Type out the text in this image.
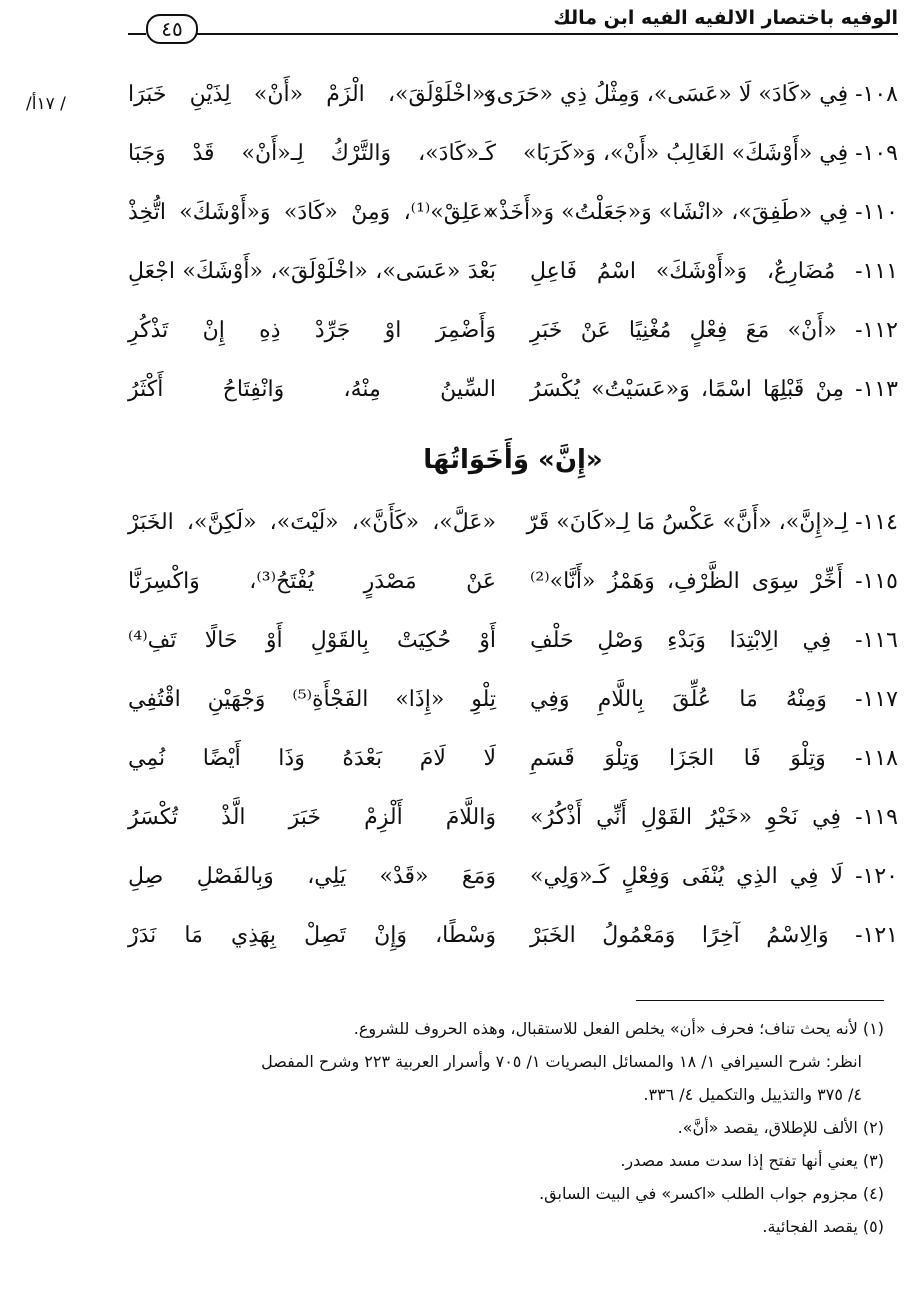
الوفيه باختصار الالفيه الفيه ابن مالك
٤٥
/ ١٧أ/	١٠٨- فِي «كَادَ» لَا «عَسَى»، وَمِثْلُ ذِي «حَرَى»
وَ«اخْلَوْلَقَ»، الْزَمْ «أَنْ» لِذَيْنِ خَبَرَا
١٠٩- فِي «أَوْشَكَ» الغَالِبُ «أَنْ»، وَ«كَرَبَا»
كَـ«كَادَ»، وَالتَّرْكُ لِـ«أَنْ» قَدْ وَجَبَا
١١٠- فِي «طَفِقَ»، «انْشَا» وَ«جَعَلْتُ» وَ«أَخَذْ»
«عَلِقْ»⁽¹⁾، وَمِنْ «كَادَ» وَ«أَوْشَكَ» اتُّخِذْ
١١١- مُضَارِعٌ، وَ«أَوْشَكَ» اسْمُ فَاعِلِ
بَعْدَ «عَسَى»، «اخْلَوْلَقَ»، «أَوْشَكَ» اجْعَلِ
١١٢- «أَنْ» مَعَ فِعْلٍ مُغْنِيًا عَنْ خَبَرِ
وَأَضْمِرَ اوْ جَرِّدْ ذِهِ إِنْ تَذْكُرِ
١١٣- مِنْ قَبْلِهَا اسْمًا، وَ«عَسَيْتُ» يُكْسَرُ
السِّينُ مِنْهُ، وَانْفِتَاحُ أَكْثَرُ
«إِنَّ» وَأَخَوَاتُهَا
١١٤- لِـ«إِنَّ»، «أَنَّ» عَكْسُ مَا لِـ«كَانَ» قَرّ
«عَلَّ»، «كَأَنَّ»، «لَيْتَ»، «لَكِنَّ»، الخَبَرْ
١١٥- أَخِّرْ سِوَى الظَّرْفِ، وَهَمْزُ «أَنَّا»⁽²⁾
عَنْ مَصْدَرٍ يُفْتَحُ⁽³⁾، وَاكْسِرَنَّا
١١٦- فِي الِابْتِدَا وَبَدْءِ وَصْلِ حَلْفِ
أَوْ حُكِيَتْ بِالقَوْلِ أَوْ حَالًا تَفِ⁽⁴⁾
١١٧- وَمِنْهُ مَا عُلِّقَ بِاللَّامِ وَفِي
تِلْوِ «إِذَا» الفَجْأَةِ⁽⁵⁾ وَجْهَيْنِ اقْتُفِي
١١٨- وَتِلْوَ فَا الجَزَا وَتِلْوَ قَسَمِ
لَا لَامَ بَعْدَهُ وَذَا أَيْضًا نُمِي
١١٩- فِي نَحْوِ «خَيْرُ القَوْلِ أَنِّي أَذْكُرُ»
وَاللَّامَ أَلْزِمْ خَبَرَ الَّذْ تُكْسَرُ
١٢٠- لَا فِي الذِي يُنْفَى وَفِعْلٍ كَـ«وَلِي»
وَمَعَ «قَدْ» يَلِي، وَبِالفَصْلِ صِلِ
١٢١- وَالِاسْمُ آخِرًا وَمَعْمُولُ الخَبَرْ
وَسْطًا، وَإِنْ تَصِلْ بِهَذِي مَا نَدَرْ
(١) لأنه يحث تناف؛ فحرف «أن» يخلص الفعل للاستقبال، وهذه الحروف للشروع.
انظر: شرح السيرافي ١/ ١٨ والمسائل البصريات ١/ ٧٠٥ وأسرار العربية ٢٢٣ وشرح المفصل
٤/ ٣٧٥ والتذييل والتكميل ٤/ ٣٣٦.
(٢) الألف للإطلاق، يقصد «أنَّ».
(٣) يعني أنها تفتح إذا سدت مسد مصدر.
(٤) مجزوم جواب الطلب «اكسر» في البيت السابق.
(٥) يقصد الفجائية.
